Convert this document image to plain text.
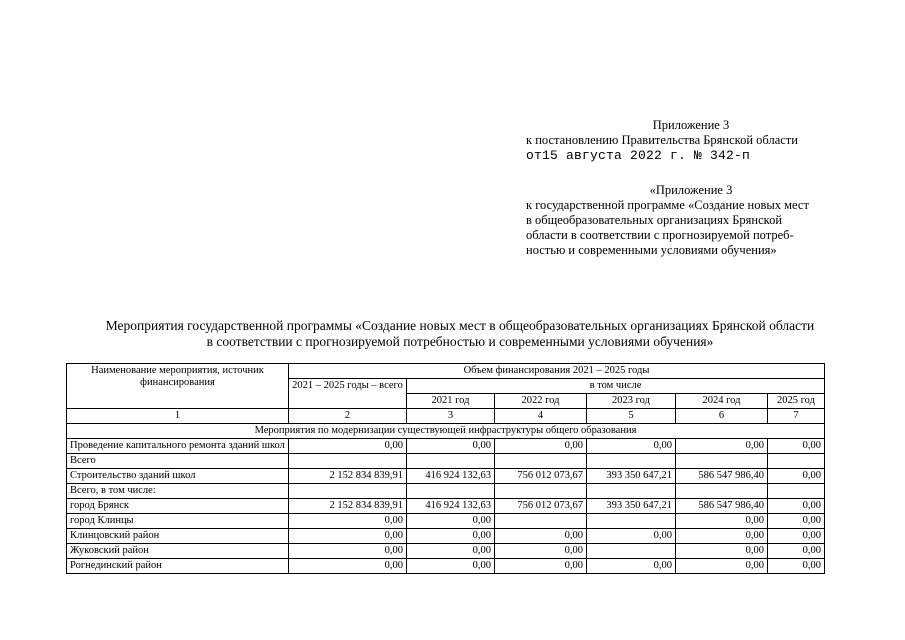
Приложение 3
к постановлению Правительства Брянской области
от15 августа 2022 г. № 342-п
«Приложение 3
к государственной программе «Создание новых мест
в общеобразовательных организациях Брянской
области в соответствии с прогнозируемой потреб-
ностью и современными условиями обучения»
Мероприятия государственной программы «Создание новых мест в общеобразовательных организациях Брянской области
в соответствии с прогнозируемой потребностью и современными условиями обучения»
Наименование мероприятия, источник финансирования	Объем финансирования 2021 – 2025 годы					
	2021 – 2025 годы – всего	в том числе				
		2021 год	2022 год	2023 год	2024 год	2025 год
1	2	3	4	5	6	7
Мероприятия по модернизации существующей инфраструктуры общего образования						
Проведение капитального ремонта зданий школ	0,00	0,00	0,00	0,00	0,00	0,00
Всего						
Строительство зданий школ	2 152 834 839,91	416 924 132,63	756 012 073,67	393 350 647,21	586 547 986,40	0,00
Всего, в том числе:						
город Брянск	2 152 834 839,91	416 924 132,63	756 012 073,67	393 350 647,21	586 547 986,40	0,00
город Клинцы	0,00	0,00			0,00	0,00
Клинцовский район	0,00	0,00	0,00	0,00	0,00	0,00
Жуковский район	0,00	0,00	0,00		0,00	0,00
Рогнединский район	0,00	0,00	0,00	0,00	0,00	0,00
